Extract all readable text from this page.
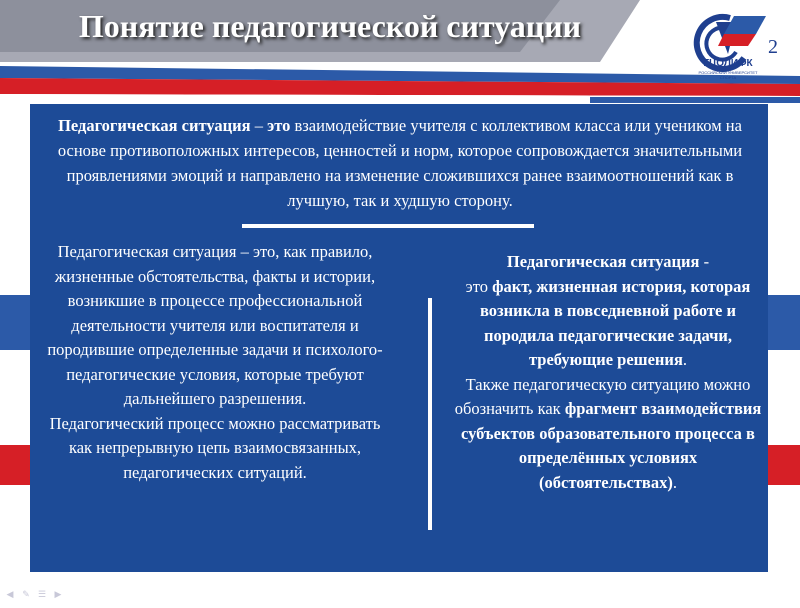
Понятие педагогической ситуации
ГЦОЛИФК
РОССИЙСКИЙ УНИВЕРСИТЕТ СПОРТА
2
Педагогическая ситуация – это взаимодействие учителя с коллективом класса или учеником на основе противоположных интересов, ценностей и норм, которое сопровождается значительными проявлениями эмоций и направлено на изменение сложившихся ранее взаимоотношений как в лучшую, так и худшую сторону.
Педагогическая ситуация – это, как правило, жизненные обстоятельства, факты и истории, возникшие в процессе профессиональной деятельности учителя или воспитателя и породившие определенные задачи и психолого-педагогические условия, которые требуют дальнейшего разрешения.
Педагогический процесс можно рассматривать как непрерывную цепь взаимосвязанных, педагогических ситуаций.
Педагогическая ситуация -
это факт, жизненная история, которая возникла в повседневной работе и породила педагогические задачи, требующие решения.
Также педагогическую ситуацию можно обозначить как фрагмент взаимодействия субъектов образовательного процесса в определённых условиях (обстоятельствах).
◀ ✎ ☰ ▶
